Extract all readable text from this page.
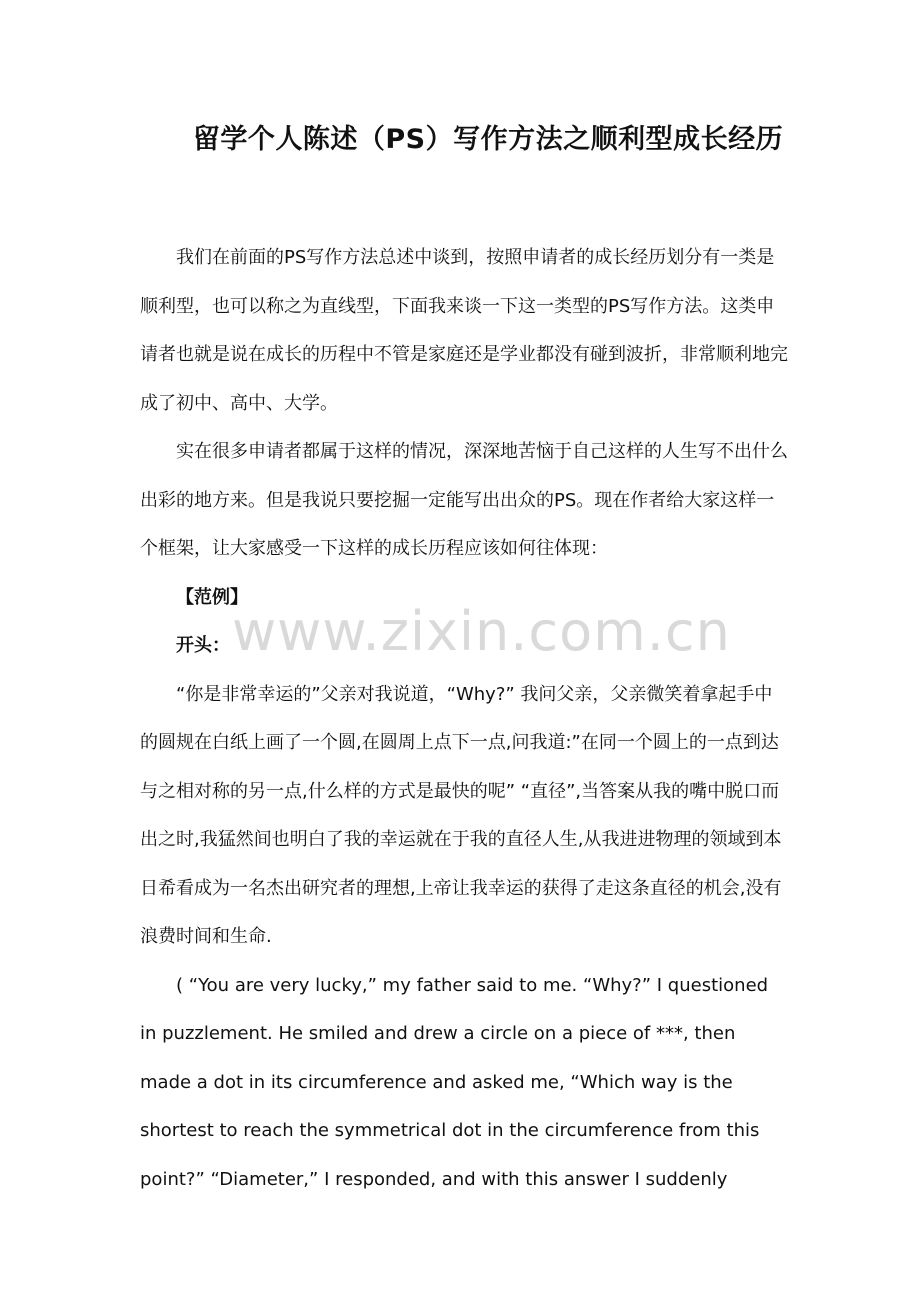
留学个人陈述（PS）写作方法之顺利型成长经历

我们在前面的PS写作方法总述中谈到，按照申请者的成长经历划分有一类是顺利型，也可以称之为直线型，下面我来谈一下这一类型的PS写作方法。这类申请者也就是说在成长的历程中不管是家庭还是学业都没有碰到波折，非常顺利地完成了初中、高中、大学。

实在很多申请者都属于这样的情况，深深地苦恼于自己这样的人生写不出什么出彩的地方来。但是我说只要挖掘一定能写出出众的PS。现在作者给大家这样一个框架，让大家感受一下这样的成长历程应该如何往体现：

【范例】

开头：

“你是非常幸运的”父亲对我说道，“Why?” 我问父亲，父亲微笑着拿起手中的圆规在白纸上画了一个圆,在圆周上点下一点,问我道:”在同一个圆上的一点到达与之相对称的另一点,什么样的方式是最快的呢” “直径”,当答案从我的嘴中脱口而出之时,我猛然间也明白了我的幸运就在于我的直径人生,从我进进物理的领域到本日希看成为一名杰出研究者的理想,上帝让我幸运的获得了走这条直径的机会,没有浪费时间和生命.

( “You are very lucky,” my father said to me. “Why?” I questioned in puzzlement. He smiled and drew a circle on a piece of ***, then made a dot in its circumference and asked me, “Which way is the shortest to reach the symmetrical dot in the circumference from this point?” “Diameter,” I responded, and with this answer I suddenly

www.zixin.com.cn
